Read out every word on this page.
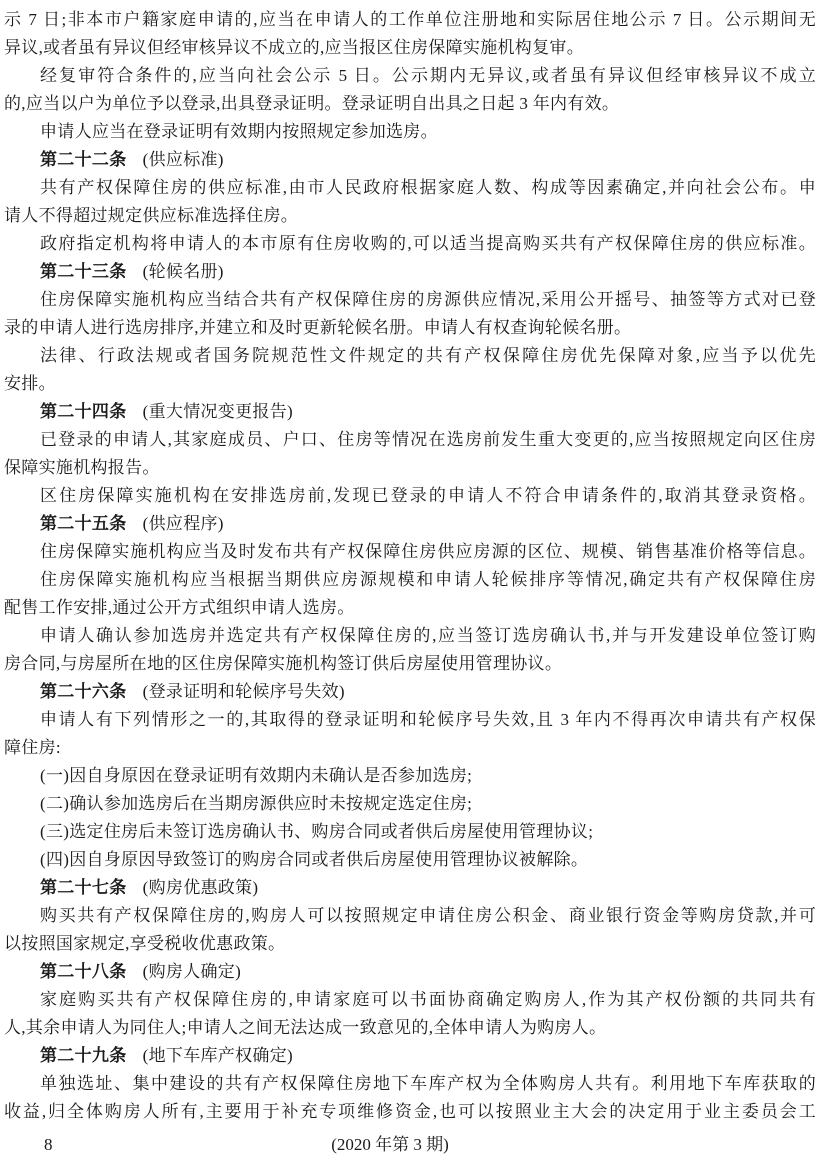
示 7 日;非本市户籍家庭申请的,应当在申请人的工作单位注册地和实际居住地公示 7 日。公示期间无
异议,或者虽有异议但经审核异议不成立的,应当报区住房保障实施机构复审。
经复审符合条件的,应当向社会公示 5 日。公示期内无异议,或者虽有异议但经审核异议不成立
的,应当以户为单位予以登录,出具登录证明。登录证明自出具之日起 3 年内有效。
申请人应当在登录证明有效期内按照规定参加选房。
第二十二条 (供应标准)
共有产权保障住房的供应标准,由市人民政府根据家庭人数、构成等因素确定,并向社会公布。申
请人不得超过规定供应标准选择住房。
政府指定机构将申请人的本市原有住房收购的,可以适当提高购买共有产权保障住房的供应标准。
第二十三条 (轮候名册)
住房保障实施机构应当结合共有产权保障住房的房源供应情况,采用公开摇号、抽签等方式对已登
录的申请人进行选房排序,并建立和及时更新轮候名册。申请人有权查询轮候名册。
法律、行政法规或者国务院规范性文件规定的共有产权保障住房优先保障对象,应当予以优先
安排。
第二十四条 (重大情况变更报告)
已登录的申请人,其家庭成员、户口、住房等情况在选房前发生重大变更的,应当按照规定向区住房
保障实施机构报告。
区住房保障实施机构在安排选房前,发现已登录的申请人不符合申请条件的,取消其登录资格。
第二十五条 (供应程序)
住房保障实施机构应当及时发布共有产权保障住房供应房源的区位、规模、销售基准价格等信息。
住房保障实施机构应当根据当期供应房源规模和申请人轮候排序等情况,确定共有产权保障住房
配售工作安排,通过公开方式组织申请人选房。
申请人确认参加选房并选定共有产权保障住房的,应当签订选房确认书,并与开发建设单位签订购
房合同,与房屋所在地的区住房保障实施机构签订供后房屋使用管理协议。
第二十六条 (登录证明和轮候序号失效)
申请人有下列情形之一的,其取得的登录证明和轮候序号失效,且 3 年内不得再次申请共有产权保
障住房:
(一)因自身原因在登录证明有效期内未确认是否参加选房;
(二)确认参加选房后在当期房源供应时未按规定选定住房;
(三)选定住房后未签订选房确认书、购房合同或者供后房屋使用管理协议;
(四)因自身原因导致签订的购房合同或者供后房屋使用管理协议被解除。
第二十七条 (购房优惠政策)
购买共有产权保障住房的,购房人可以按照规定申请住房公积金、商业银行资金等购房贷款,并可
以按照国家规定,享受税收优惠政策。
第二十八条 (购房人确定)
家庭购买共有产权保障住房的,申请家庭可以书面协商确定购房人,作为其产权份额的共同共有
人,其余申请人为同住人;申请人之间无法达成一致意见的,全体申请人为购房人。
第二十九条 (地下车库产权确定)
单独选址、集中建设的共有产权保障住房地下车库产权为全体购房人共有。利用地下车库获取的
收益,归全体购房人所有,主要用于补充专项维修资金,也可以按照业主大会的决定用于业主委员会工
8	(2020 年第 3 期)
